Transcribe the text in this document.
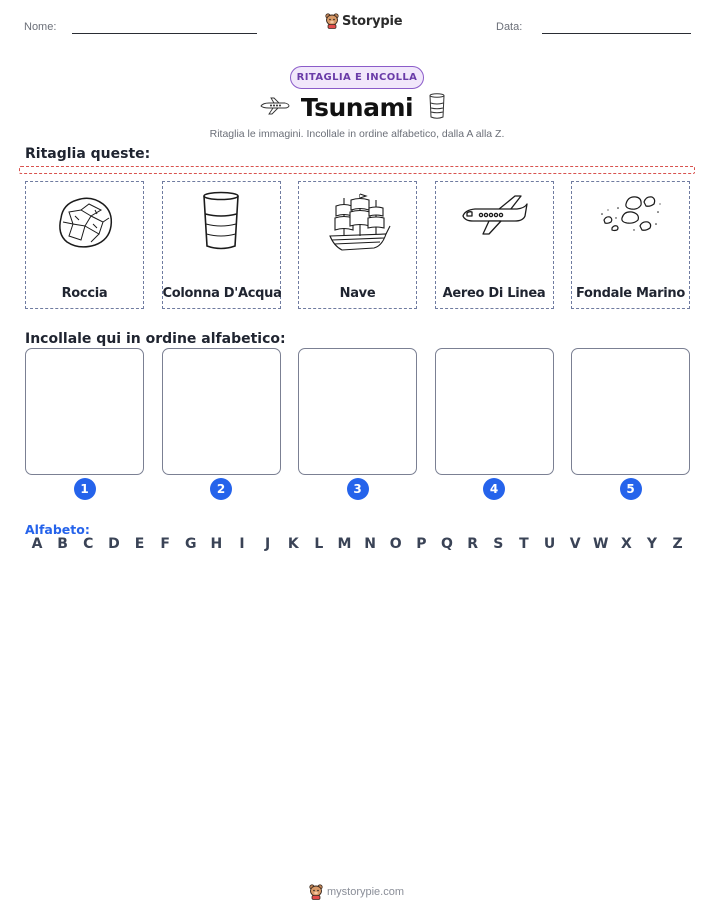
Nome:	Storypie	Data:
RITAGLIA E INCOLLA
Tsunami
Ritaglia le immagini. Incollale in ordine alfabetico, dalla A alla Z.
Ritaglia queste:
Roccia	Colonna D'Acqua	Nave	Aereo Di Linea	Fondale Marino
Incollale qui in ordine alfabetico:
1	2	3	4	5
Alfabeto:
A	B	C	D	E	F	G	H	I	J	K	L	M N O	P	Q	R	S	T	U	V W X	Y	Z
mystorypie.com
